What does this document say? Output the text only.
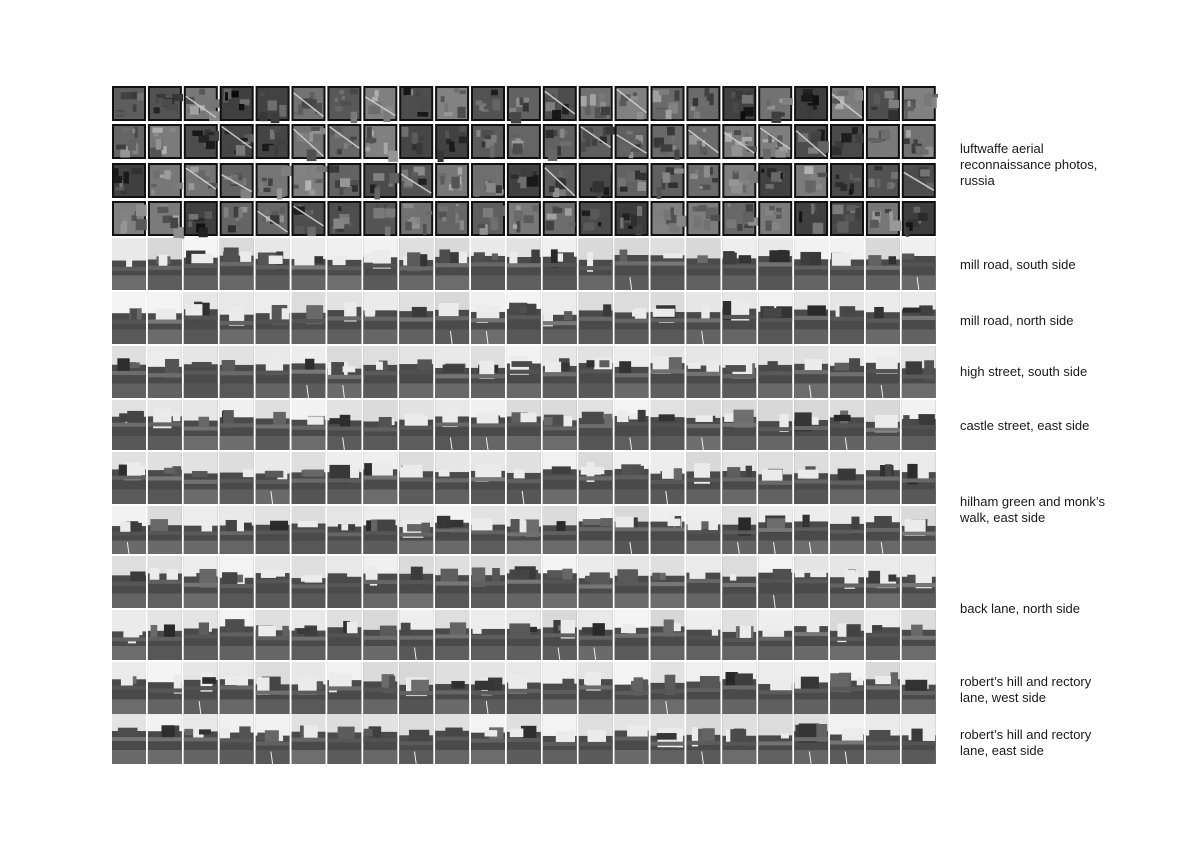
luftwaffe aerial
reconnaissance photos,
russia

mill road, south side

mill road, north side

high street, south side

castle street, east side

hilham green and monk’s
walk, east side

back lane, north side

robert’s hill and rectory
lane, west side

robert’s hill and rectory
lane, east side
